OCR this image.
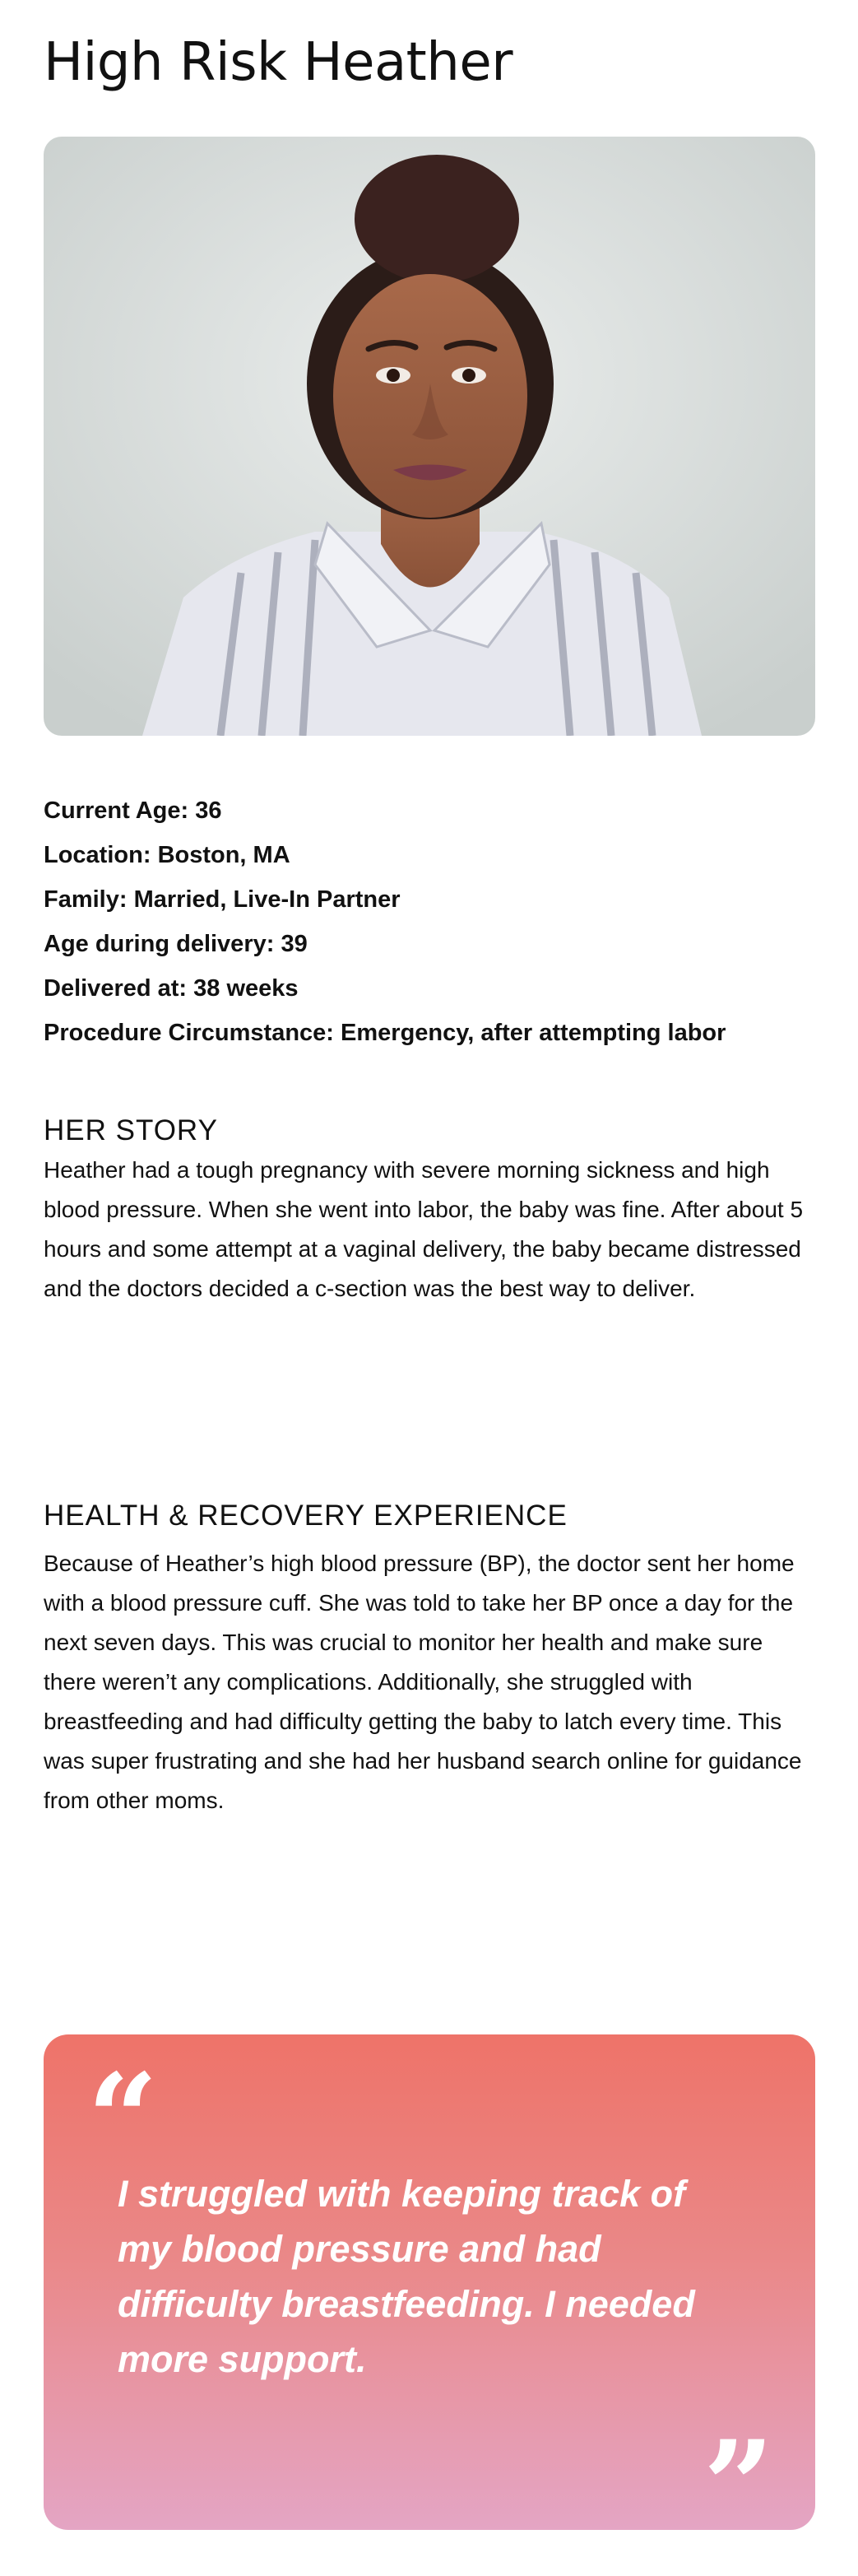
High Risk Heather
Current Age: 36
Location: Boston, MA
Family: Married, Live-In Partner
Age during delivery: 39
Delivered at: 38 weeks
Procedure Circumstance: Emergency, after attempting labor
HER STORY

Heather had a tough pregnancy with severe morning sickness and high blood pressure. When she went into labor, the baby was fine. After about 5 hours and some attempt at a vaginal delivery, the baby became distressed and the doctors decided a c-section was the best way to deliver.

HEALTH & RECOVERY EXPERIENCE

Because of Heather’s high blood pressure (BP), the doctor sent her home with a blood pressure cuff. She was told to take her BP once a day for the next seven days. This was crucial to monitor her health and make sure there weren’t any complications. Additionally, she struggled with breastfeeding and had difficulty getting the baby to latch every time. This was super frustrating and she had her husband search online for guidance from other moms.

“

I struggled with keeping track of my blood pressure and had difficulty breastfeeding. I needed more support.

”
